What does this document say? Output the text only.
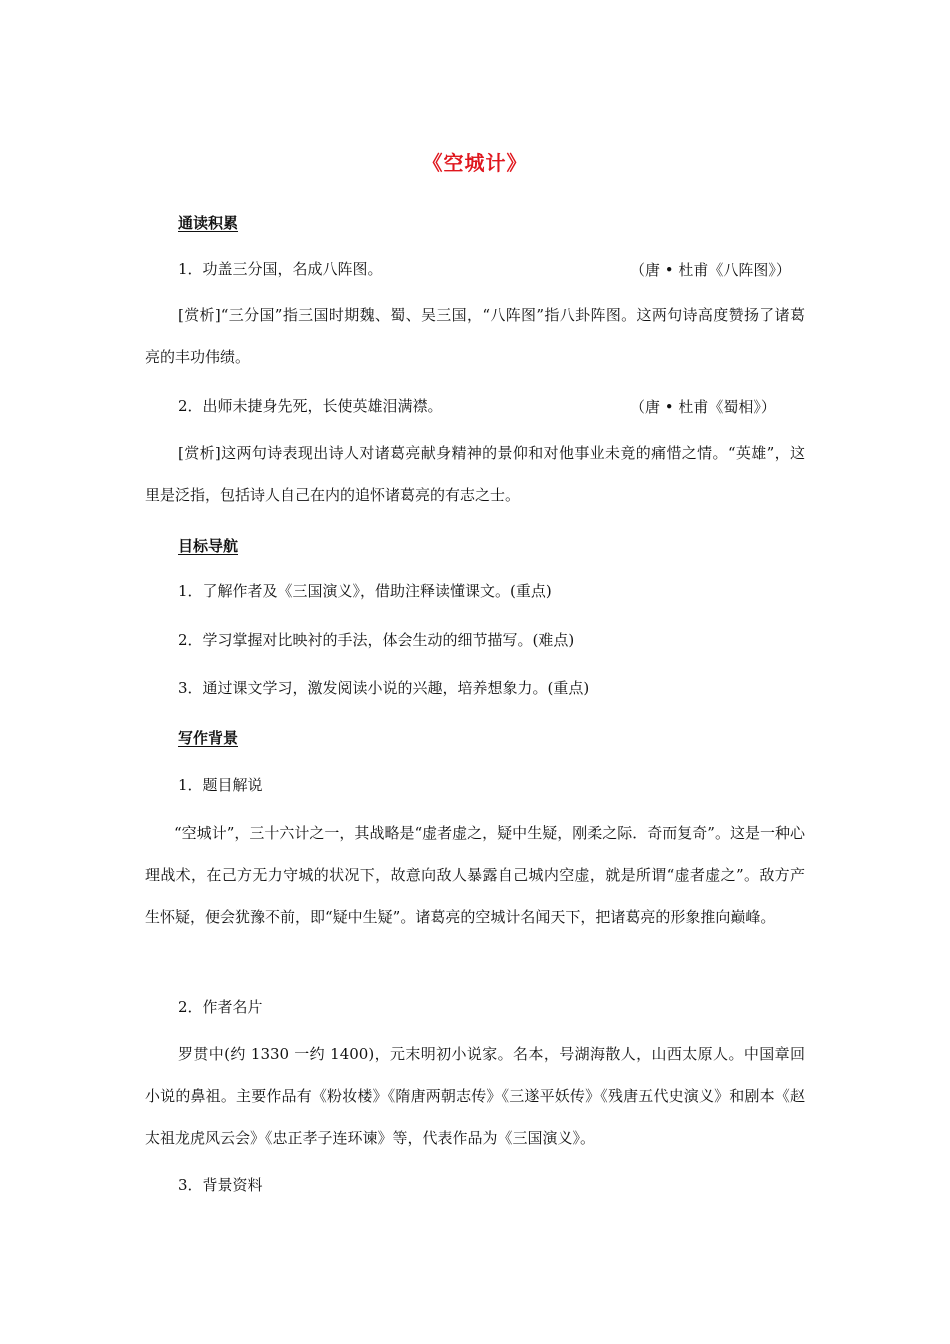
《空城计》
通读积累
1．功盖三分国，名成八阵图。	（唐 • 杜甫《八阵图》）
[赏析]“三分国”指三国时期魏、蜀、吴三国，“八阵图”指八卦阵图。这两句诗高度赞扬了诸葛亮的丰功伟绩。
2．出师未捷身先死，长使英雄泪满襟。	（唐 • 杜甫《蜀相》）
[赏析]这两句诗表现出诗人对诸葛亮献身精神的景仰和对他事业未竟的痛惜之情。“英雄”，这里是泛指，包括诗人自己在内的追怀诸葛亮的有志之士。
目标导航
1．了解作者及《三国演义》，借助注释读懂课文。(重点)
2．学习掌握对比映衬的手法，体会生动的细节描写。(难点)
3．通过课文学习，激发阅读小说的兴趣，培养想象力。(重点)
写作背景
1．题目解说
“空城计”，三十六计之一，其战略是“虚者虚之，疑中生疑，刚柔之际．奇而复奇”。这是一种心理战术，在己方无力守城的状况下，故意向敌人暴露自己城内空虚，就是所谓“虚者虚之”。敌方产生怀疑，便会犹豫不前，即“疑中生疑”。诸葛亮的空城计名闻天下，把诸葛亮的形象推向巅峰。
2．作者名片
罗贯中(约 1330 一约 1400)，元末明初小说家。名本，号湖海散人，山西太原人。中国章回小说的鼻祖。主要作品有《粉妆楼》《隋唐两朝志传》《三遂平妖传》《残唐五代史演义》和剧本《赵太祖龙虎风云会》《忠正孝子连环谏》等，代表作品为《三国演义》。
3．背景资料
